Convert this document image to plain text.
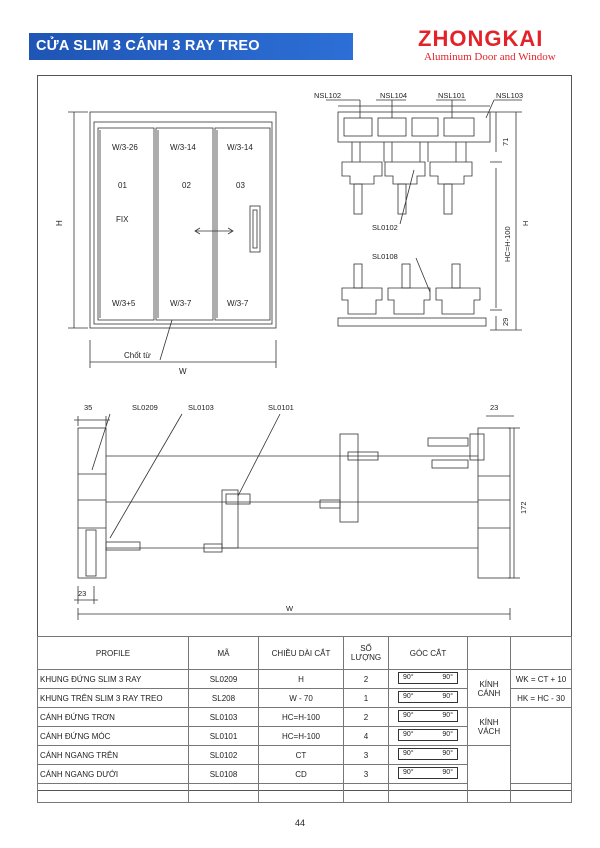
CỬA SLIM 3 CÁNH 3 RAY TREO	ZHONGKAI
Aluminum Door and Window
W/3-26	W/3-14	W/3-14
01	02	03
FIX
W/3+5	W/3-7	W/3-7
H
Chốt từ
W
NSL102	NSL104	NSL101	NSL103
SL0102
SL0108
71
HC=H-100
29
H
SL0209	SL0103	SL0101
35	23
172
23
W
PROFILE	MÃ	CHIỀU DÀI CẮT	SỐ LƯỢNG	GÓC CẮT		
KHUNG ĐỨNG SLIM 3 RAY	SL0209	H	2	90° 90°	KÍNH CÁNH	WK = CT + 10
KHUNG TRÊN SLIM 3 RAY TREO	SL208	W - 70	1	90° 90°		HK = HC - 30
CÁNH ĐỨNG TRƠN	SL0103	HC=H-100	2	90° 90°	KÍNH VÁCH	
CÁNH ĐỨNG MÓC	SL0101	HC=H-100	4	90° 90°		

CÁNH NGANG TRÊN	SL0102	CT	3	90° 90°		

CÁNH NGANG DƯỚI	SL0108	CD	3	90° 90°		

44
